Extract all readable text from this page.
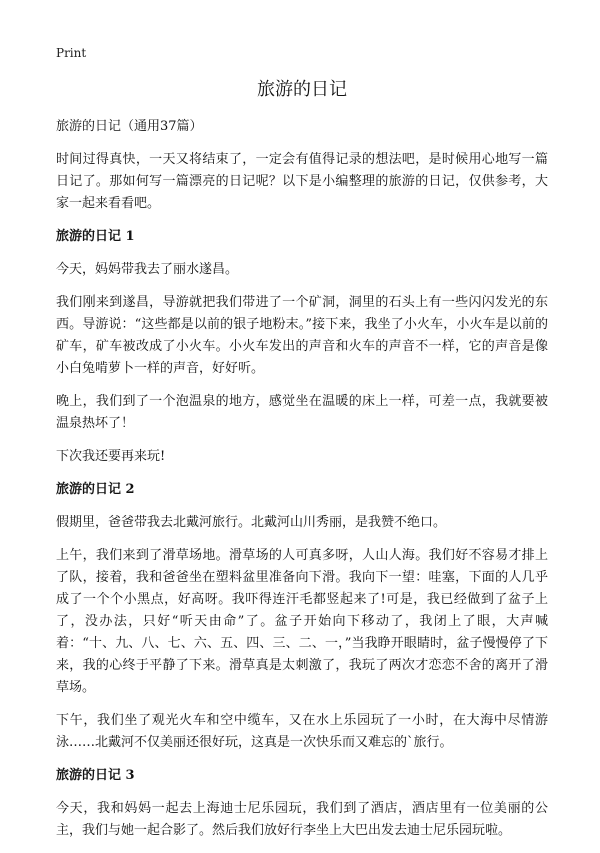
Print
旅游的日记

旅游的日记（通用37篇）

时间过得真快，一天又将结束了，一定会有值得记录的想法吧，是时候用心地写一篇日记了。那如何写一篇漂亮的日记呢？以下是小编整理的旅游的日记，仅供参考，大家一起来看看吧。

旅游的日记 1

今天，妈妈带我去了丽水遂昌。

我们刚来到遂昌，导游就把我们带进了一个矿洞，洞里的石头上有一些闪闪发光的东西。导游说：“这些都是以前的银子地粉末。”接下来，我坐了小火车，小火车是以前的矿车，矿车被改成了小火车。小火车发出的声音和火车的声音不一样，它的声音是像小白兔啃萝卜一样的声音，好好听。

晚上，我们到了一个泡温泉的地方，感觉坐在温暖的床上一样，可差一点，我就要被温泉热坏了！

下次我还要再来玩!

旅游的日记 2

假期里，爸爸带我去北戴河旅行。北戴河山川秀丽，是我赞不绝口。

上午，我们来到了滑草场地。滑草场的人可真多呀，人山人海。我们好不容易才排上了队，接着，我和爸爸坐在塑料盆里准备向下滑。我向下一望：哇塞，下面的人几乎成了一个个小黑点，好高呀。我吓得连汗毛都竖起来了!可是，我已经做到了盆子上了，没办法，只好“听天由命”了。盆子开始向下移动了，我闭上了眼，大声喊着：“十、九、八、七、六、五、四、三、二、一，”当我睁开眼睛时，盆子慢慢停了下来，我的心终于平静了下来。滑草真是太刺激了，我玩了两次才恋恋不舍的离开了滑草场。

下午，我们坐了观光火车和空中缆车，又在水上乐园玩了一小时，在大海中尽情游泳……北戴河不仅美丽还很好玩，这真是一次快乐而又难忘的`旅行。

旅游的日记 3

今天，我和妈妈一起去上海迪士尼乐园玩，我们到了酒店，酒店里有一位美丽的公主，我们与她一起合影了。然后我们放好行李坐上大巴出发去迪士尼乐园玩啦。
